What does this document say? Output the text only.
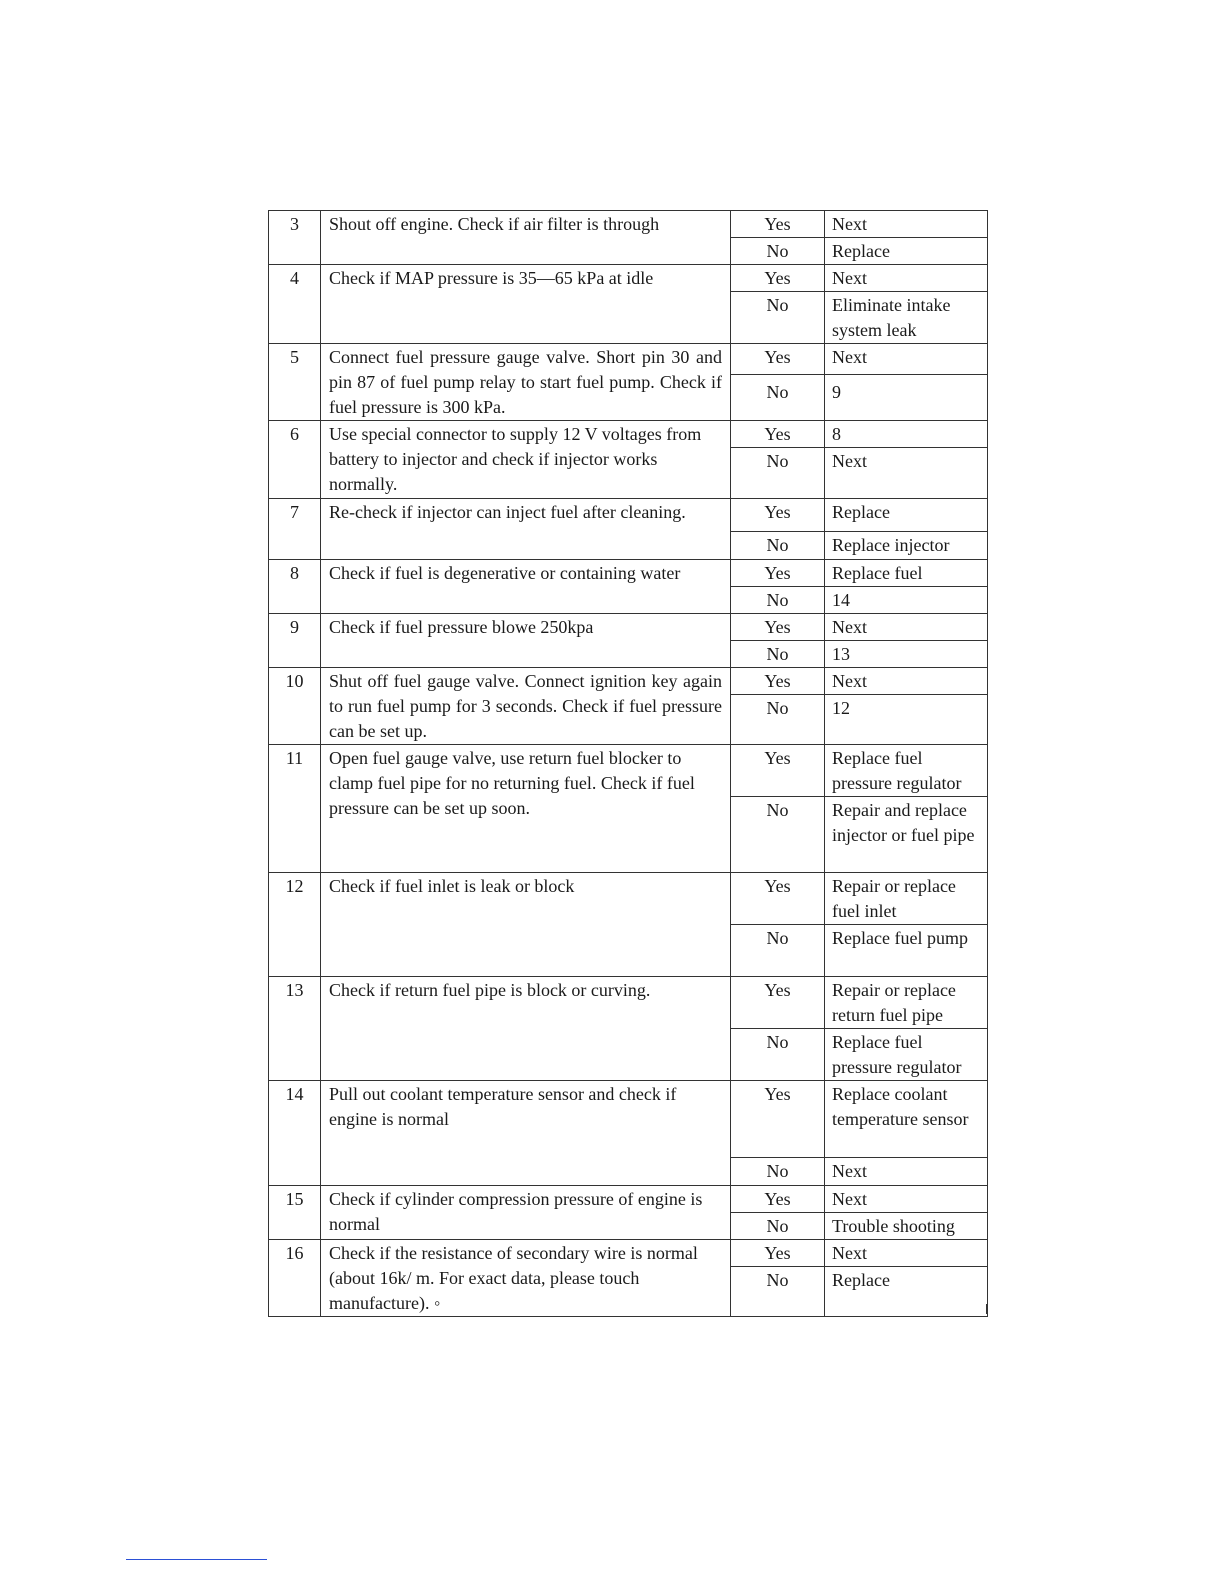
3	Shout off engine. Check if air filter is through	Yes	Next
		No	Replace
4	Check if MAP pressure is 35—65 kPa at idle	Yes	Next
		No	Eliminate intake system leak
5	Connect fuel pressure gauge valve. Short pin 30 and pin 87 of fuel pump relay to start fuel pump. Check if fuel pressure is 300 kPa.	Yes	Next
		No	9
6	Use special connector to supply 12 V voltages from battery to injector and check if injector works normally.	Yes	8
		No	Next
7	Re-check if injector can inject fuel after cleaning.	Yes	Replace
		No	Replace injector
8	Check if fuel is degenerative or containing water	Yes	Replace fuel
		No	14
9	Check if fuel pressure blowe 250kpa	Yes	Next
		No	13
10	Shut off fuel gauge valve. Connect ignition key again to run fuel pump for 3 seconds. Check if fuel pressure can be set up.	Yes	Next
		No	12
11	Open fuel gauge valve, use return fuel blocker to clamp fuel pipe for no returning fuel. Check if fuel pressure can be set up soon.	Yes	Replace fuel pressure regulator
		No	Repair and replace injector or fuel pipe
12	Check if fuel inlet is leak or block	Yes	Repair or replace fuel inlet
		No	Replace fuel pump
13	Check if return fuel pipe is block or curving.	Yes	Repair or replace return fuel pipe
		No	Replace fuel pressure regulator
14	Pull out coolant temperature sensor and check if engine is normal	Yes	Replace coolant temperature sensor
		No	Next
15	Check if cylinder compression pressure of engine is normal	Yes	Next
		No	Trouble shooting
16	Check if the resistance of secondary wire is normal (about 16k/ m. For exact data, please touch manufacture). ◦	Yes	Next
		No	Replace
